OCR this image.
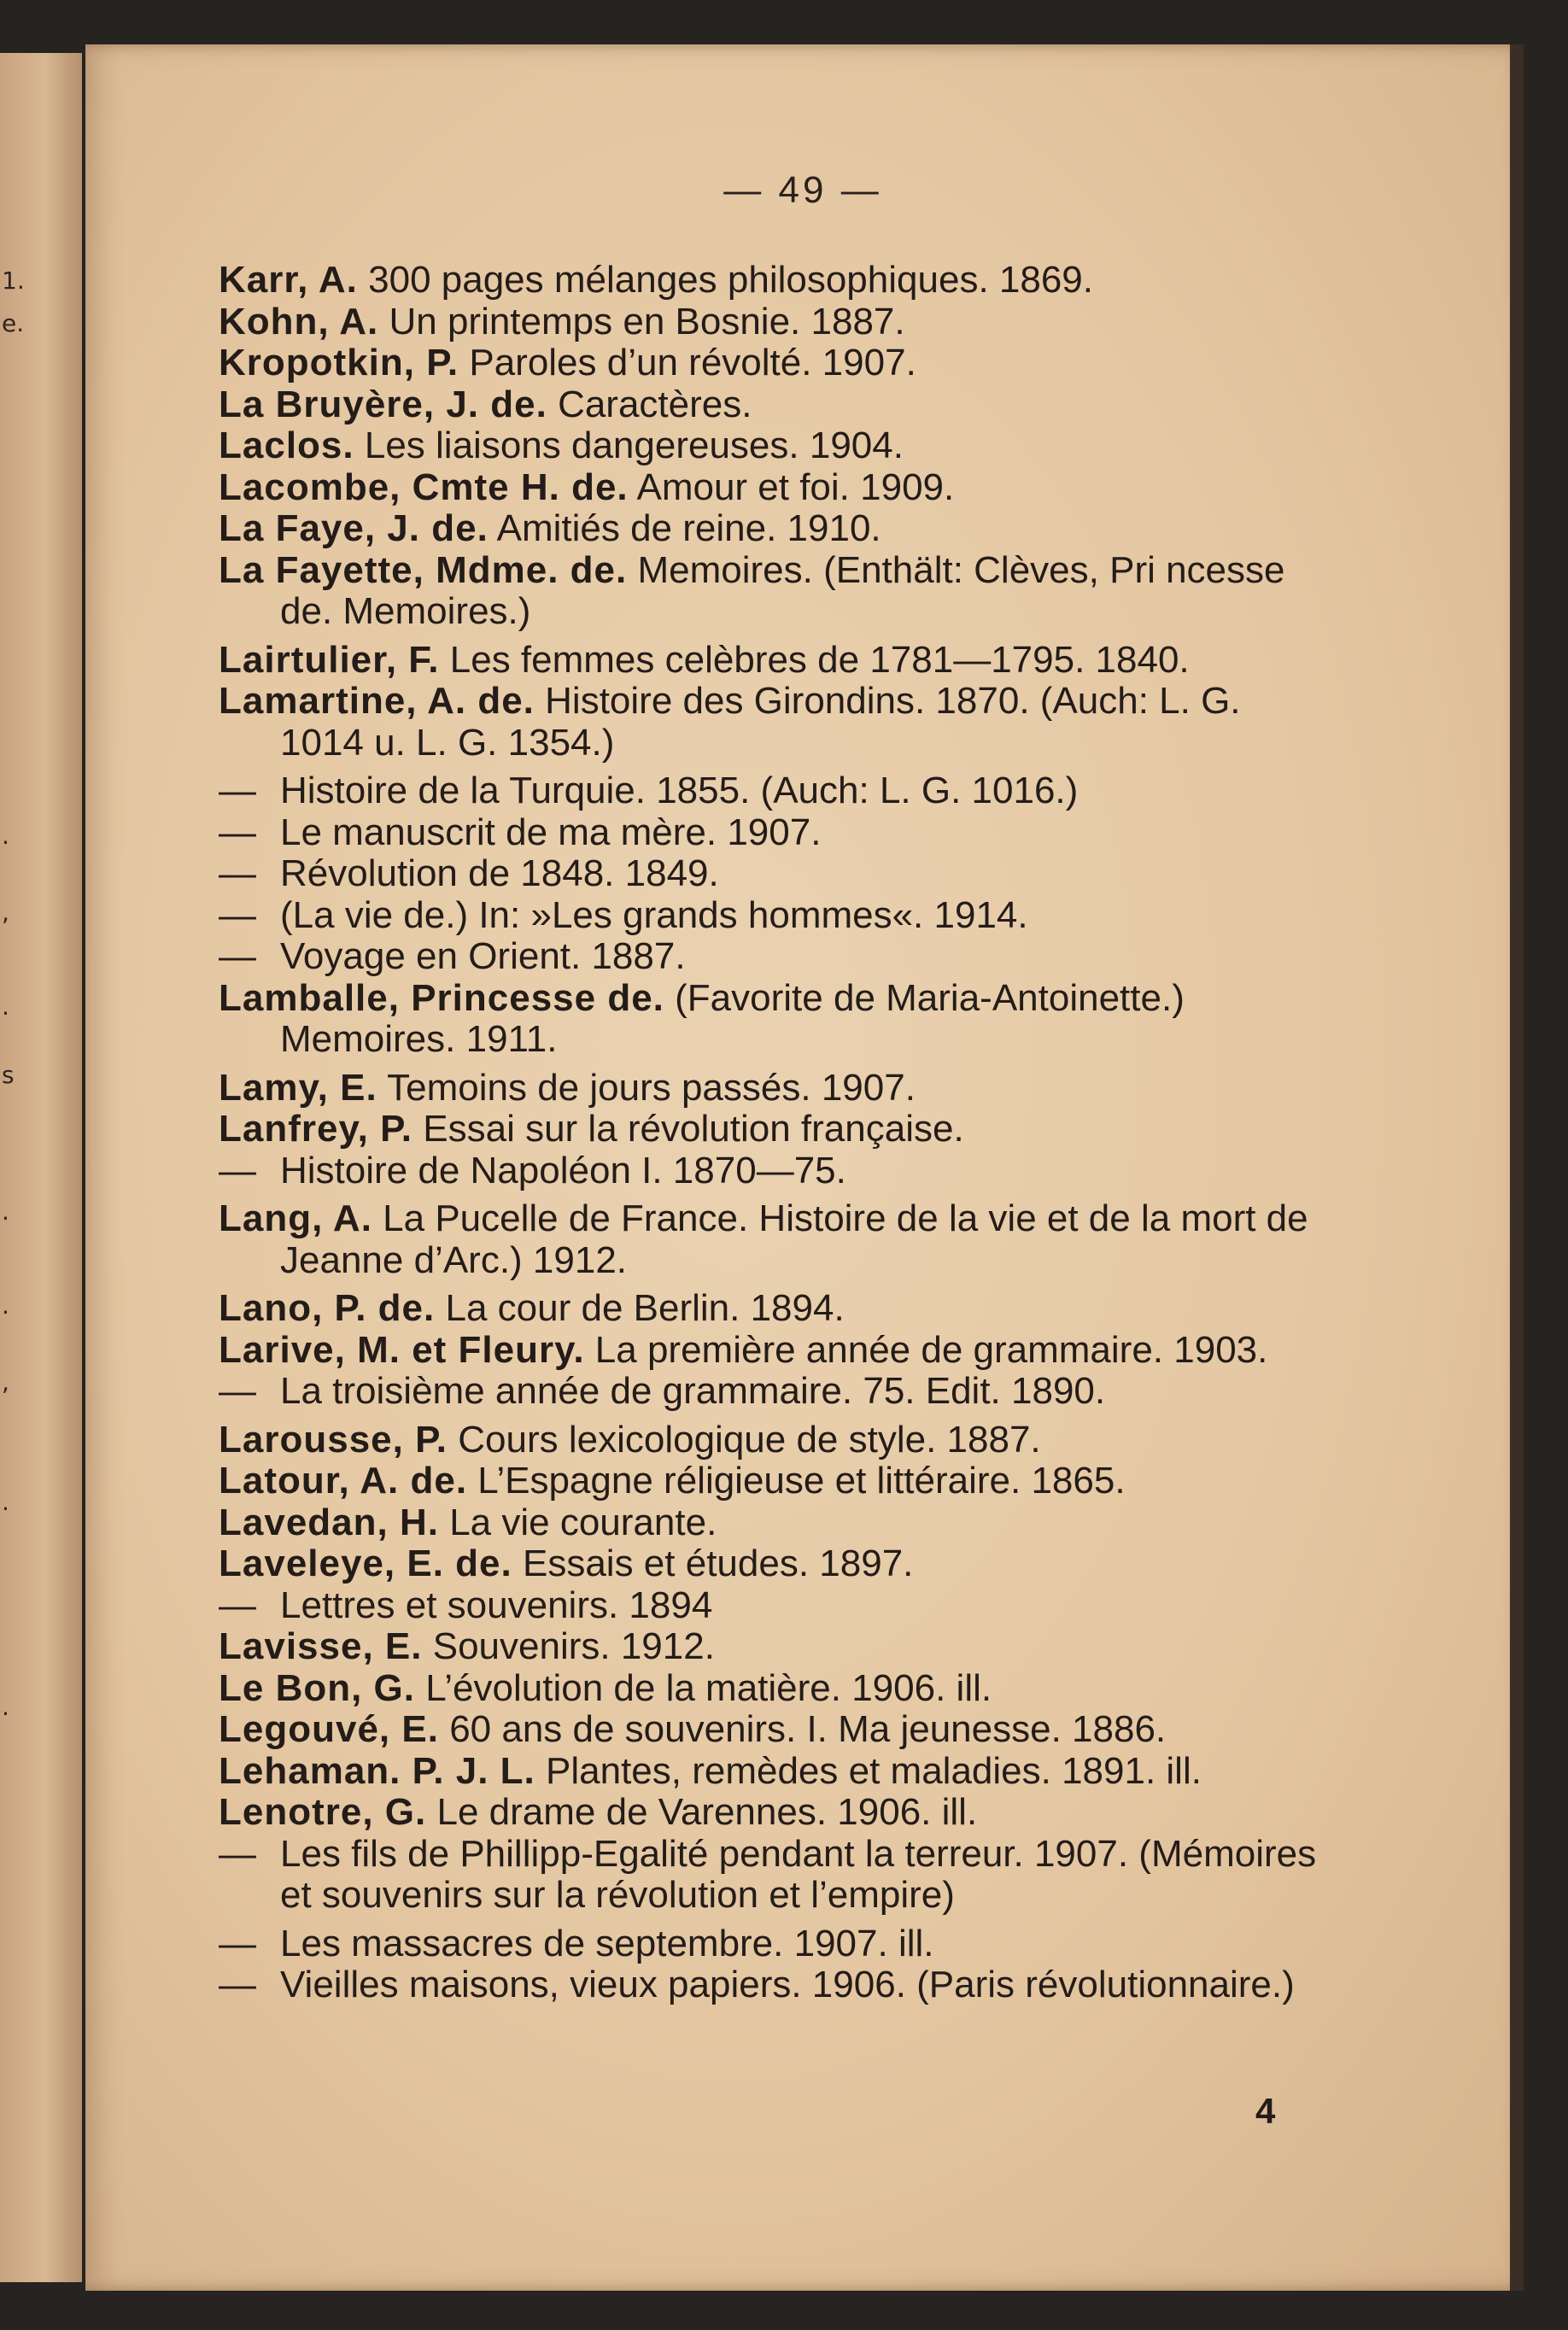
1.
e.
.
,
.
s
.
.
,
.
.
— 49 —

Karr, A. 300 pages mélanges philosophiques. 1869.

Kohn, A. Un printemps en Bosnie. 1887.

Kropotkin, P. Paroles d’un révolté. 1907.

La Bruyère, J. de. Caractères.

Laclos. Les liaisons dangereuses. 1904.

Lacombe, Cmte H. de. Amour et foi. 1909.

La Faye, J. de. Amitiés de reine. 1910.

La Fayette, Mdme. de. Memoires. (Enthält: Clèves, Pri ncesse de. Memoires.)

Lairtulier, F. Les femmes celèbres de 1781—1795. 1840.

Lamartine, A. de. Histoire des Girondins. 1870. (Auch: L. G. 1014 u. L. G. 1354.)

— Histoire de la Turquie. 1855. (Auch: L. G. 1016.)

— Le manuscrit de ma mère. 1907.

— Révolution de 1848. 1849.

— (La vie de.) In: »Les grands hommes«. 1914.

— Voyage en Orient. 1887.

Lamballe, Princesse de. (Favorite de Maria-Antoinette.) Memoires. 1911.

Lamy, E. Temoins de jours passés. 1907.

Lanfrey, P. Essai sur la révolution française.

— Histoire de Napoléon I. 1870—75.

Lang, A. La Pucelle de France. Histoire de la vie et de la mort de Jeanne d’Arc.) 1912.

Lano, P. de. La cour de Berlin. 1894.

Larive, M. et Fleury. La première année de grammaire. 1903.

— La troisième année de grammaire. 75. Edit. 1890.

Larousse, P. Cours lexicologique de style. 1887.

Latour, A. de. L’Espagne réligieuse et littéraire. 1865.

Lavedan, H. La vie courante.

Laveleye, E. de. Essais et études. 1897.

— Lettres et souvenirs. 1894

Lavisse, E. Souvenirs. 1912.

Le Bon, G. L’évolution de la matière. 1906. ill.

Legouvé, E. 60 ans de souvenirs. I. Ma jeunesse. 1886.

Lehaman. P. J. L. Plantes, remèdes et maladies. 1891. ill.

Lenotre, G. Le drame de Varennes. 1906. ill.

— Les fils de Phillipp-Egalité pendant la terreur. 1907. (Mémoires et souvenirs sur la révolution et l’empire)

— Les massacres de septembre. 1907. ill.

— Vieilles maisons, vieux papiers. 1906. (Paris révolutionnaire.)

4
